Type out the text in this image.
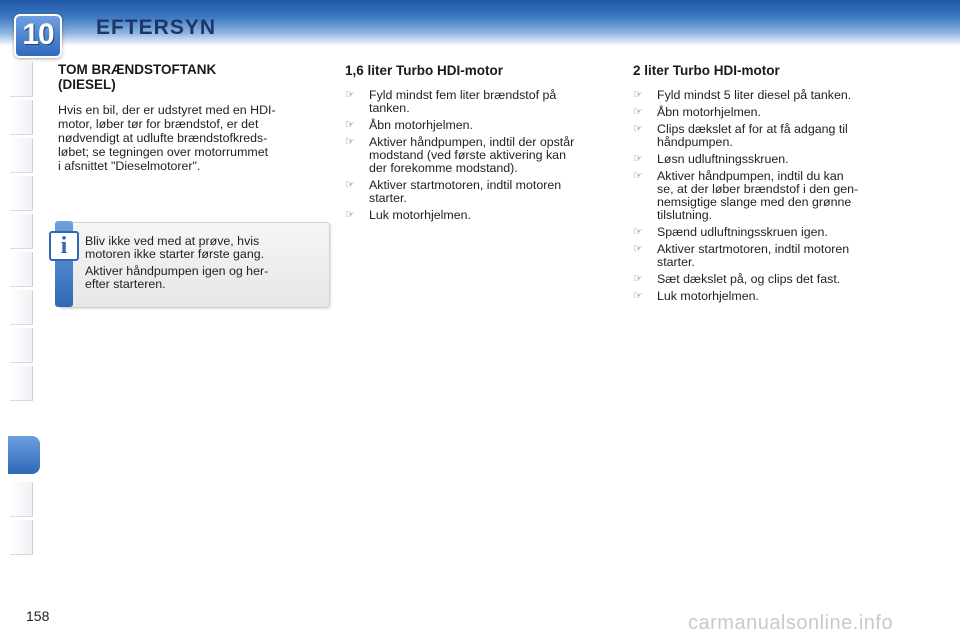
10	EFTERSYN
TOM BRÆNDSTOFTANK
(DIESEL)
Hvis en bil, der er udstyret med en HDI-
motor, løber tør for brændstof, er det
nødvendigt at udlufte brændstofkreds-
løbet; se tegningen over motorrummet
i afsnittet "Dieselmotorer".
i	Bliv ikke ved med at prøve, hvis
motoren ikke starter første gang.
Aktiver håndpumpen igen og her-
efter starteren.
1,6 liter Turbo HDI-motor
☞	Fyld mindst fem liter brændstof på
tanken.
☞	Åbn motorhjelmen.
☞	Aktiver håndpumpen, indtil der opstår
modstand (ved første aktivering kan
der forekomme modstand).
☞	Aktiver startmotoren, indtil motoren
starter.
☞	Luk motorhjelmen.
2 liter Turbo HDI-motor
☞	Fyld mindst 5 liter diesel på tanken.
☞	Åbn motorhjelmen.
☞	Clips dækslet af for at få adgang til
håndpumpen.
☞	Løsn udluftningsskruen.
☞	Aktiver håndpumpen, indtil du kan
se, at der løber brændstof i den gen-
nemsigtige slange med den grønne
tilslutning.
☞	Spænd udluftningsskruen igen.
☞	Aktiver startmotoren, indtil motoren
starter.
☞	Sæt dækslet på, og clips det fast.
☞	Luk motorhjelmen.
158	carmanualsonline.info
